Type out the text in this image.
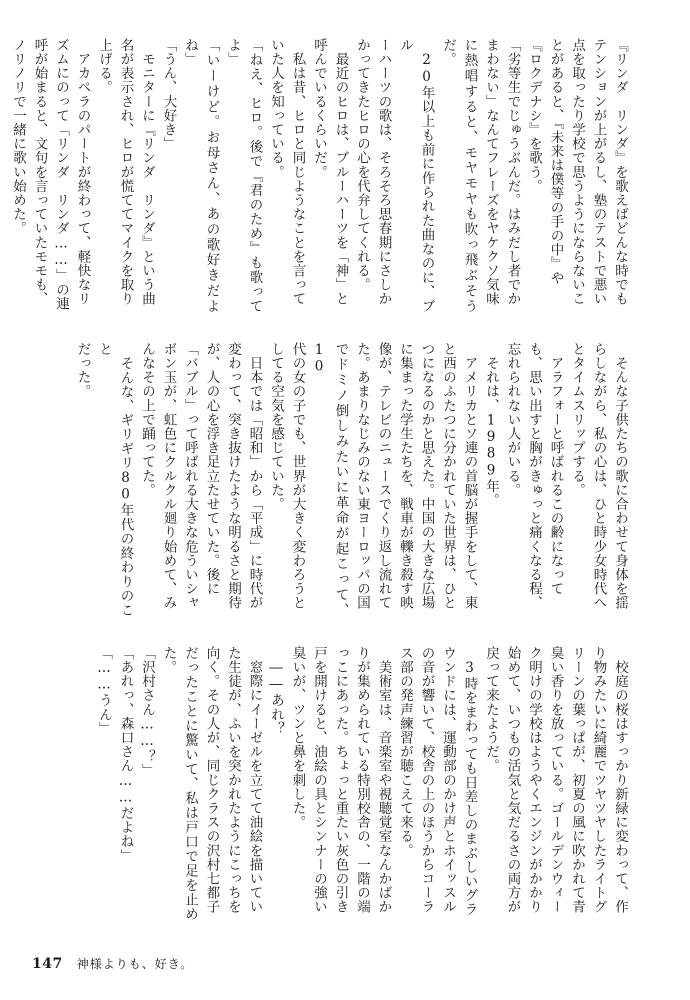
『リンダ　リンダ』を歌えばどんな時でも

テンションが上がるし、塾のテストで悪い

点を取ったり学校で思うようにならないこ

とがあると、『未来は僕等の手の中』や

『ロクデナシ』を歌う。

「劣等生でじゅうぶんだ。はみだし者でか

まわない」なんてフレーズをヤケクソ気味

に熱唱すると、モヤモヤも吹っ飛ぶそうだ。

　20年以上も前に作られた曲なのに、ブル

ーハーツの歌は、そろそろ思春期にさしか

かってきたヒロの心を代弁してくれる。

　最近のヒロは、ブルーハーツを「神」と

呼んでいるくらいだ。

　私は昔、ヒロと同じようなことを言って

いた人を知っている。

「ねえ、ヒロ。後で『君のため』も歌ってよ」

「いーけど。お母さん、あの歌好きだよね」

「うん、大好き」

　モニターに『リンダ　リンダ』という曲

名が表示され、ヒロが慌ててマイクを取り

上げる。

　アカペラのパートが終わって、軽快なリ

ズムにのって「リンダ　リンダ……」の連

呼が始まると、文句を言っていたモモも、

ノリノリで一緒に歌い始めた。

　そんな子供たちの歌に合わせて身体を揺

らしながら、私の心は、ひと時少女時代へ

とタイムスリップする。

　アラフォーと呼ばれるこの齢になって

も、思い出すと胸がきゅっと痛くなる程、

忘れられない人がいる。

　それは、1989年。

　アメリカとソ連の首脳が握手をして、東

と西のふたつに分かれていた世界は、ひと

つになるのかと思えた。中国の大きな広場

に集まった学生たちを、戦車が轢き殺す映

像が、テレビのニュースでくり返し流れて

た。あまりなじみのない東ヨーロッパの国

でドミノ倒しみたいに革命が起こって、10

代の女の子でも、世界が大きく変わろうと

してる空気を感じていた。

　日本では「昭和」から「平成」に時代が

変わって、突き抜けたような明るさと期待

が、人の心を浮き足立たせていた。後に

「バブル」って呼ばれる大きな危ういシャ

ボン玉が、虹色にクルクル廻り始めて、み

んなその上で踊ってた。

　そんな、ギリギリ80年代の終わりのこと

だった。

　校庭の桜はすっかり新緑に変わって、作

り物みたいに綺麗でツヤツヤしたライトグ

リーンの葉っぱが、初夏の風に吹かれて青

臭い香りを放っている。ゴールデンウィー

ク明けの学校はようやくエンジンがかかり

始めて、いつもの活気と気だるさの両方が

戻って来たようだ。

　3時をまわっても日差しのまぶしいグラ

ウンドには、運動部のかけ声とホイッスル

の音が響いて、校舎の上のほうからコーラ

ス部の発声練習が聴こえて来る。

　美術室は、音楽室や視聴覚室なんかばか

りが集められている特別校舎の、一階の端

っこにあった。ちょっと重たい灰色の引き

戸を開けると、油絵の具とシンナーの強い

臭いが、ツンと鼻を刺した。

　――あれ？

　窓際にイーゼルを立てて油絵を描いてい

た生徒が、ふいを突かれたようにこっちを

向く。その人が、同じクラスの沢村七都子

だったことに驚いて、私は戸口で足を止めた。

「沢村さん……？」

「あれっ、森口さん……だよね」

「……うん」

147 神様よりも、好き。
